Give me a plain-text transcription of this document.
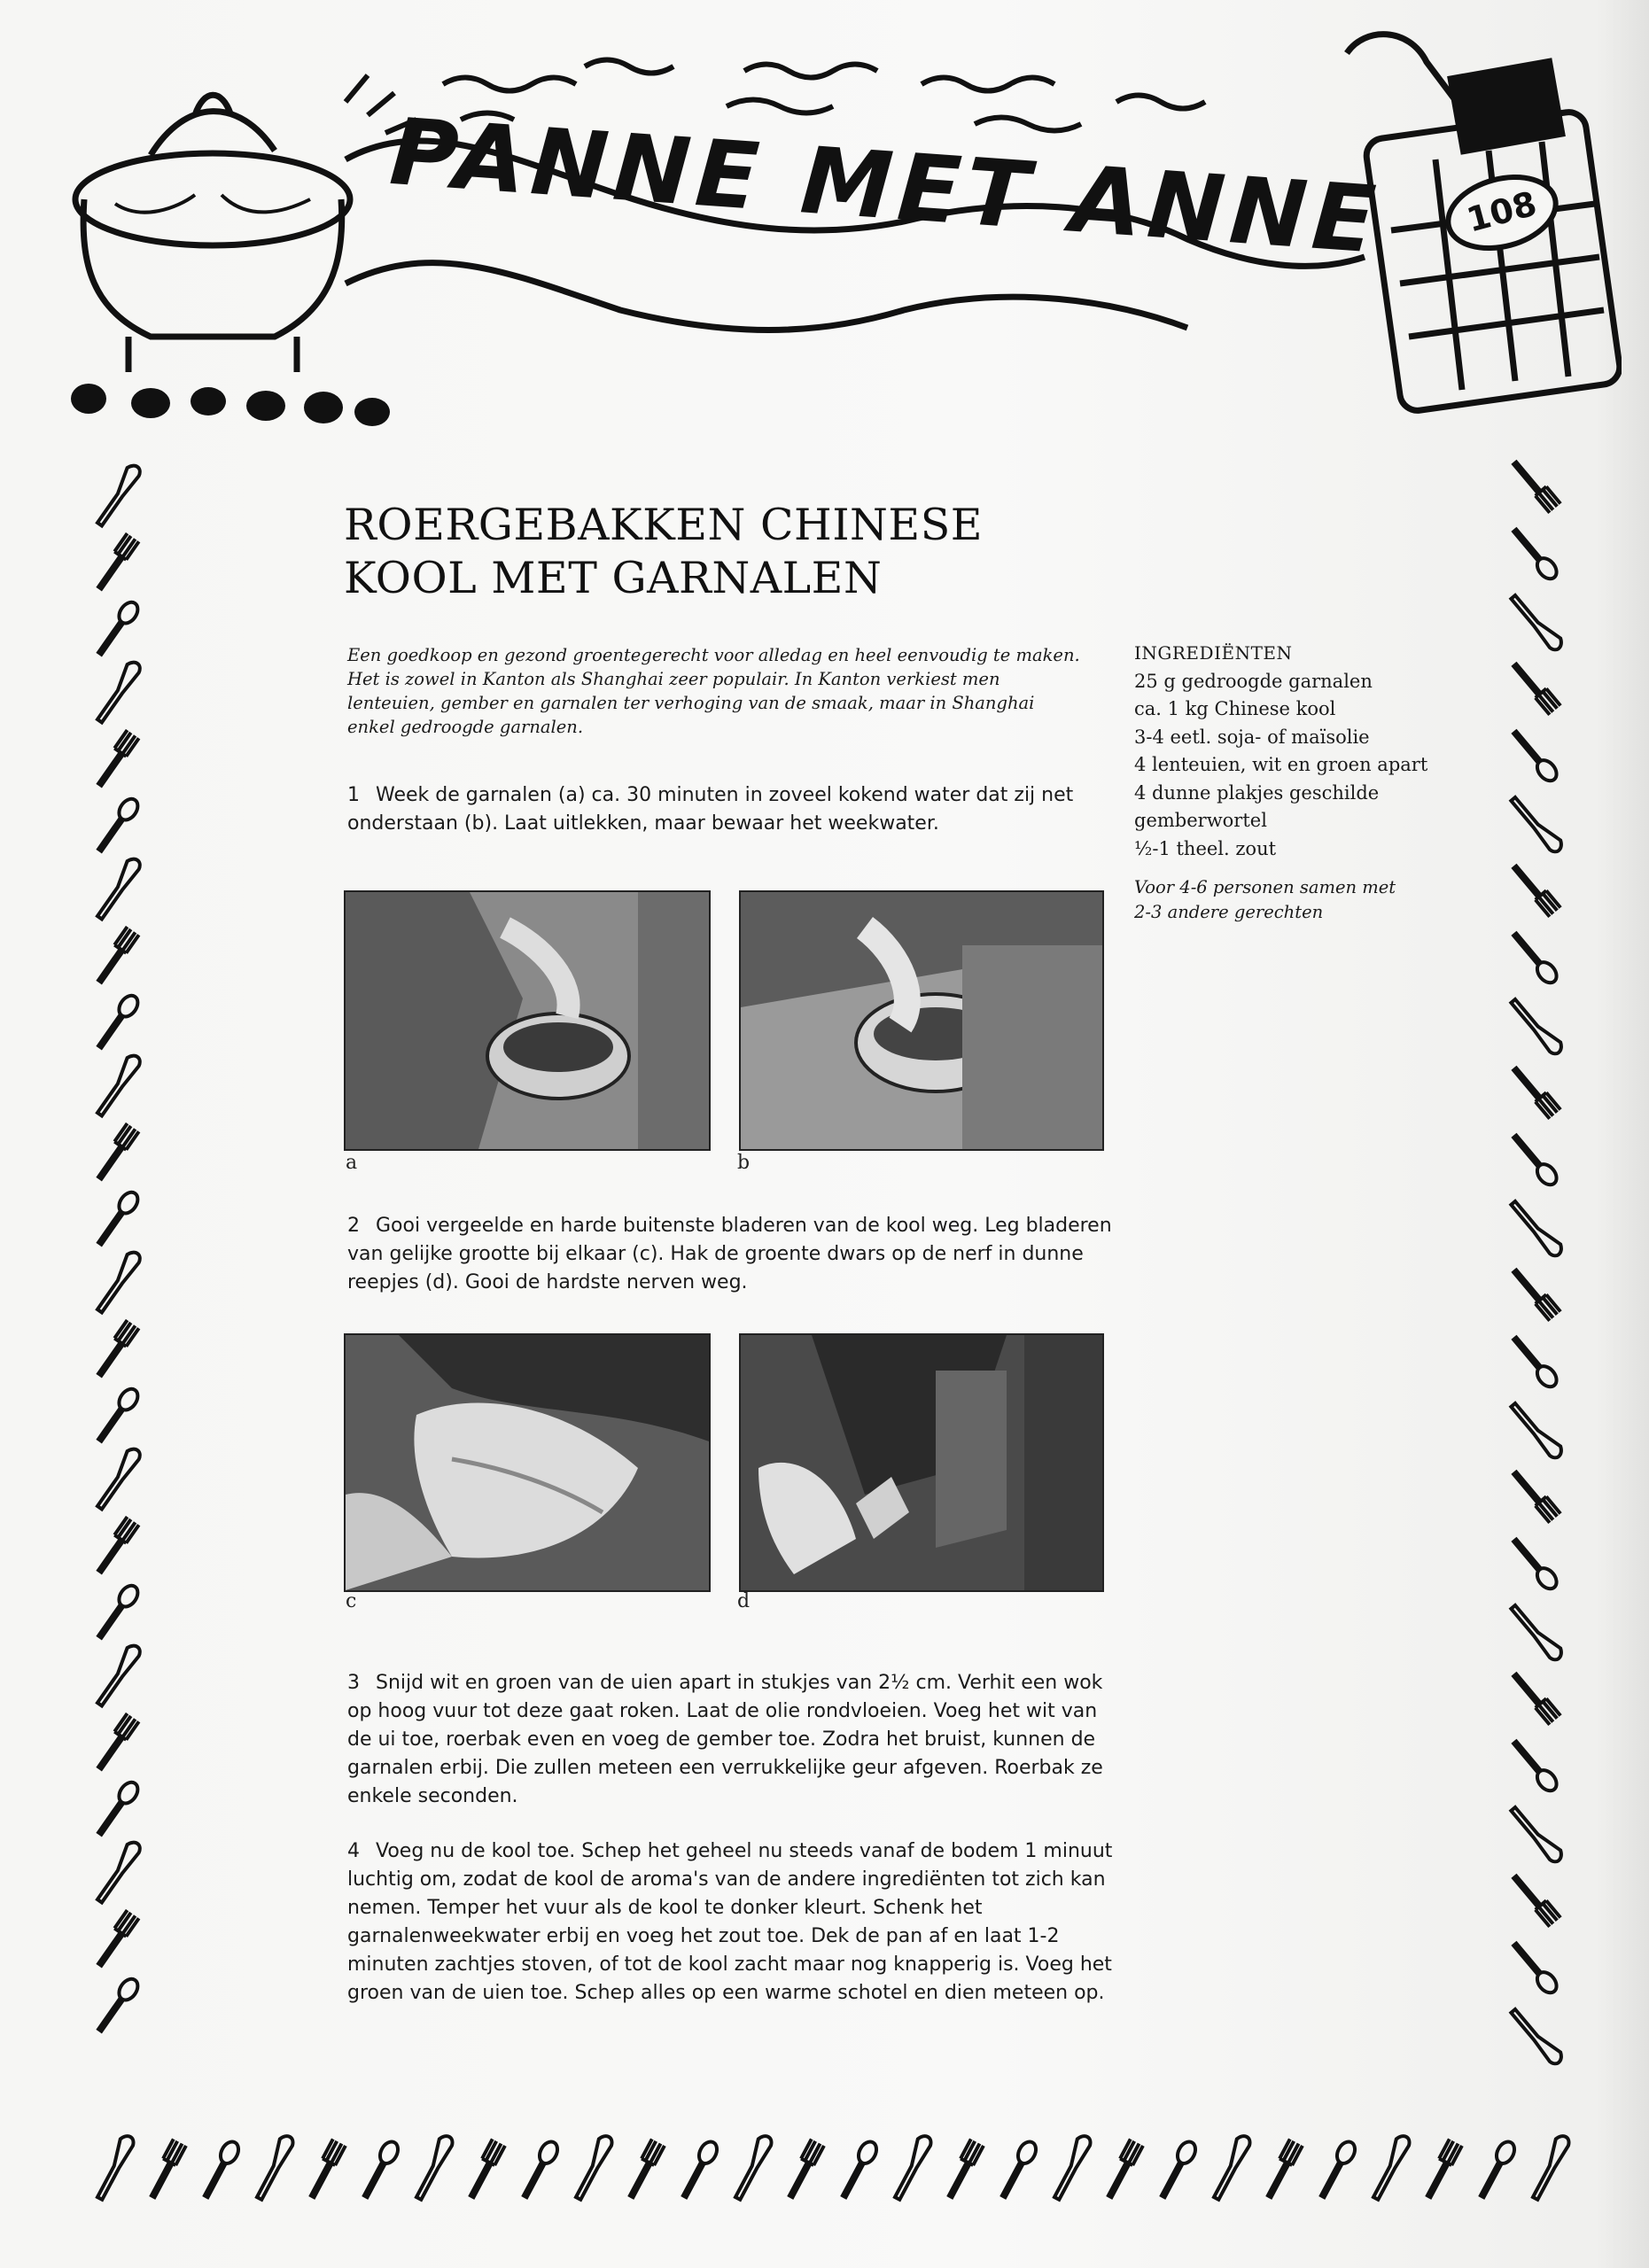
PANNE MET ANNE 108

ROERGEBAKKEN CHINESE
KOOL MET GARNALEN
Een goedkoop en gezond groentegerecht voor alledag en heel eenvoudig te maken. Het is zowel in Kanton als Shanghai zeer populair. In Kanton verkiest men lenteuien, gember en garnalen ter verhoging van de smaak, maar in Shanghai enkel gedroogde garnalen.
INGREDIËNTEN
25 g gedroogde garnalen
ca. 1 kg Chinese kool
3-4 eetl. soja- of maïsolie
4 lenteuien, wit en groen apart
4 dunne plakjes geschilde
gemberwortel
½-1 theel. zout
Voor 4-6 personen samen met
2-3 andere gerechten
1 Week de garnalen (a) ca. 30 minuten in zoveel kokend water dat zij net onderstaan (b). Laat uitlekken, maar bewaar het weekwater.
a	b
2 Gooi vergeelde en harde buitenste bladeren van de kool weg. Leg bladeren van gelijke grootte bij elkaar (c). Hak de groente dwars op de nerf in dunne reepjes (d). Gooi de hardste nerven weg.
c	d
3 Snijd wit en groen van de uien apart in stukjes van 2½ cm. Verhit een wok op hoog vuur tot deze gaat roken. Laat de olie rondvloeien. Voeg het wit van de ui toe, roerbak even en voeg de gember toe. Zodra het bruist, kunnen de garnalen erbij. Die zullen meteen een verrukkelijke geur afgeven. Roerbak ze enkele seconden.
4 Voeg nu de kool toe. Schep het geheel nu steeds vanaf de bodem 1 minuut luchtig om, zodat de kool de aroma's van de andere ingrediënten tot zich kan nemen. Temper het vuur als de kool te donker kleurt. Schenk het garnalenweekwater erbij en voeg het zout toe. Dek de pan af en laat 1-2 minuten zachtjes stoven, of tot de kool zacht maar nog knapperig is. Voeg het groen van de uien toe. Schep alles op een warme schotel en dien meteen op.
